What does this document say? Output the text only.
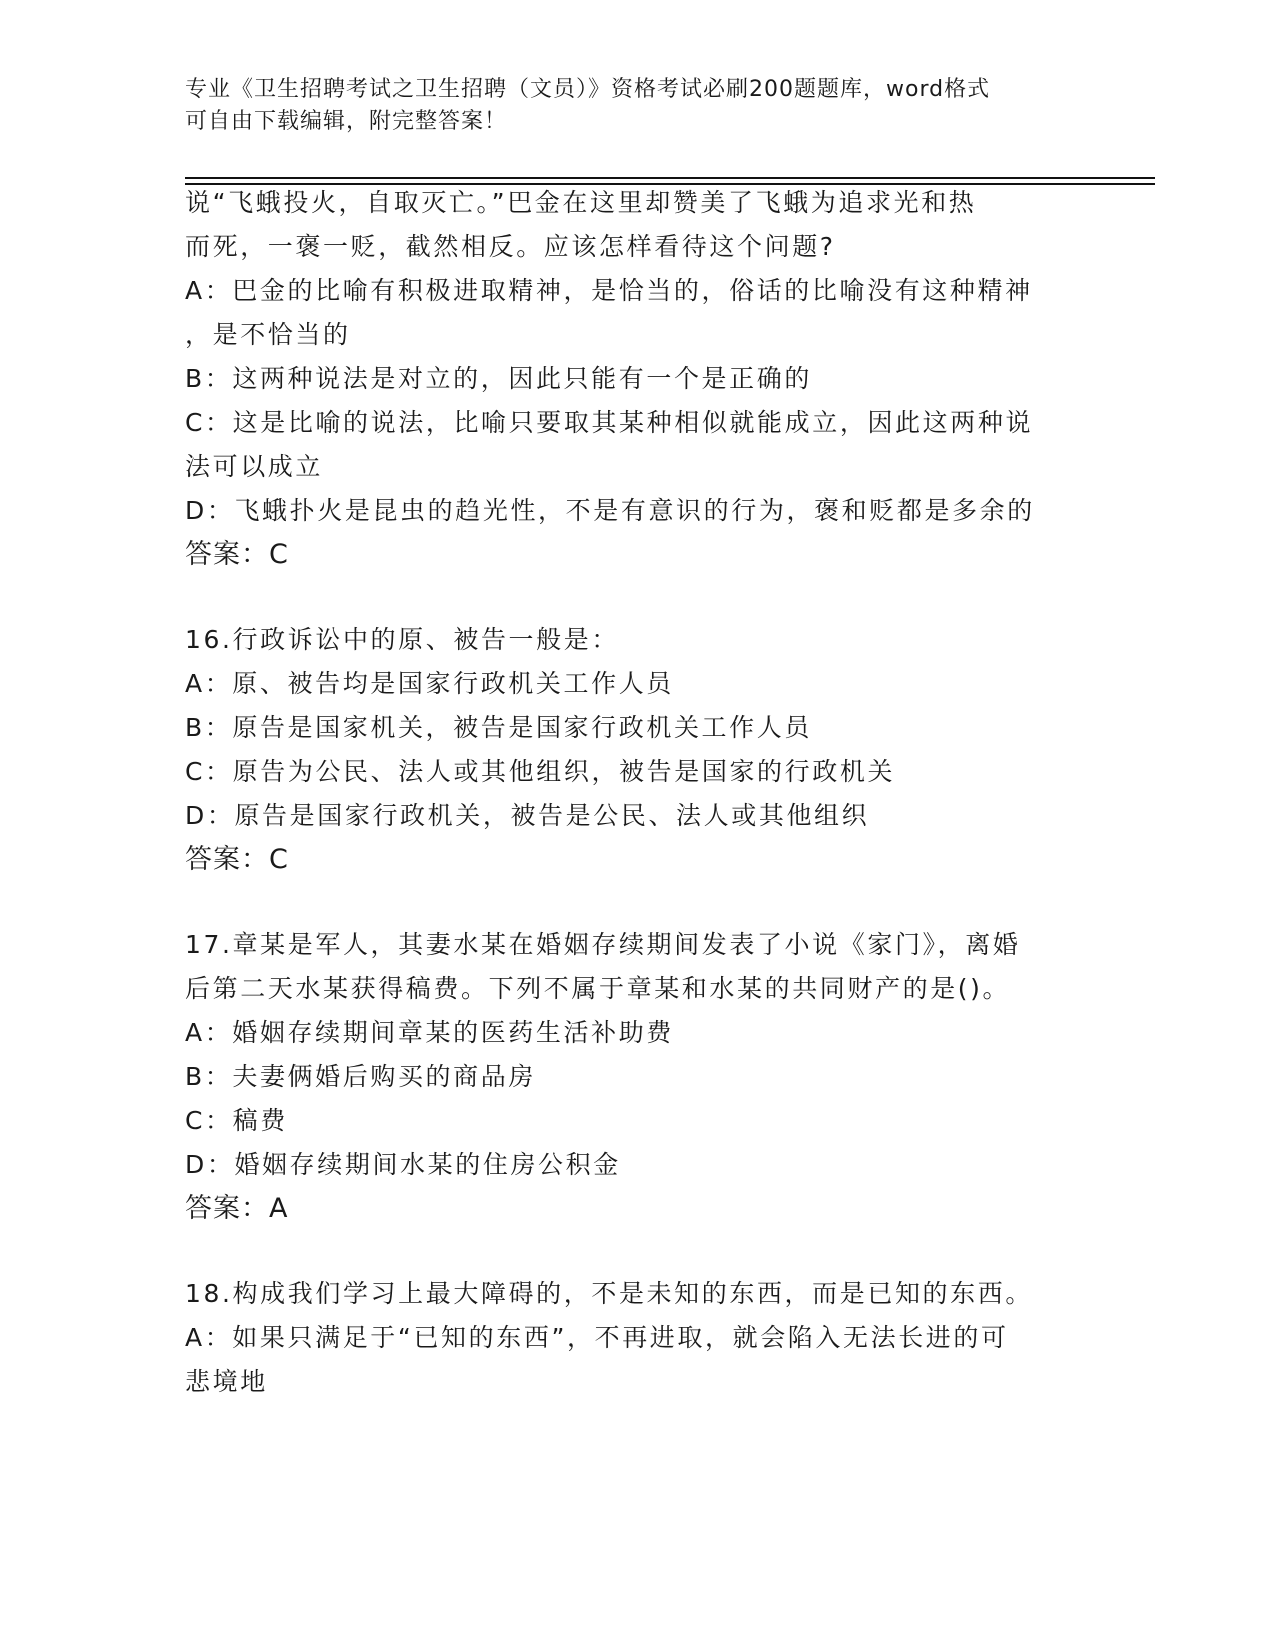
专业《卫生招聘考试之卫生招聘（文员）》资格考试必刷200题题库，word格式
可自由下载编辑，附完整答案！
说“飞蛾投火，自取灭亡。”巴金在这里却赞美了飞蛾为追求光和热
而死，一褒一贬，截然相反。应该怎样看待这个问题?
A：巴金的比喻有积极进取精神，是恰当的，俗话的比喻没有这种精神
，是不恰当的
B：这两种说法是对立的，因此只能有一个是正确的
C：这是比喻的说法，比喻只要取其某种相似就能成立，因此这两种说
法可以成立
D：飞蛾扑火是昆虫的趋光性，不是有意识的行为，褒和贬都是多余的
答案：C
16.行政诉讼中的原、被告一般是：
A：原、被告均是国家行政机关工作人员
B：原告是国家机关，被告是国家行政机关工作人员
C：原告为公民、法人或其他组织，被告是国家的行政机关
D：原告是国家行政机关，被告是公民、法人或其他组织
答案：C
17.章某是军人，其妻水某在婚姻存续期间发表了小说《家门》，离婚
后第二天水某获得稿费。下列不属于章某和水某的共同财产的是()。
A：婚姻存续期间章某的医药生活补助费
B：夫妻俩婚后购买的商品房
C：稿费
D：婚姻存续期间水某的住房公积金
答案：A
18.构成我们学习上最大障碍的，不是未知的东西，而是已知的东西。
A：如果只满足于“已知的东西”，不再进取，就会陷入无法长进的可
悲境地
